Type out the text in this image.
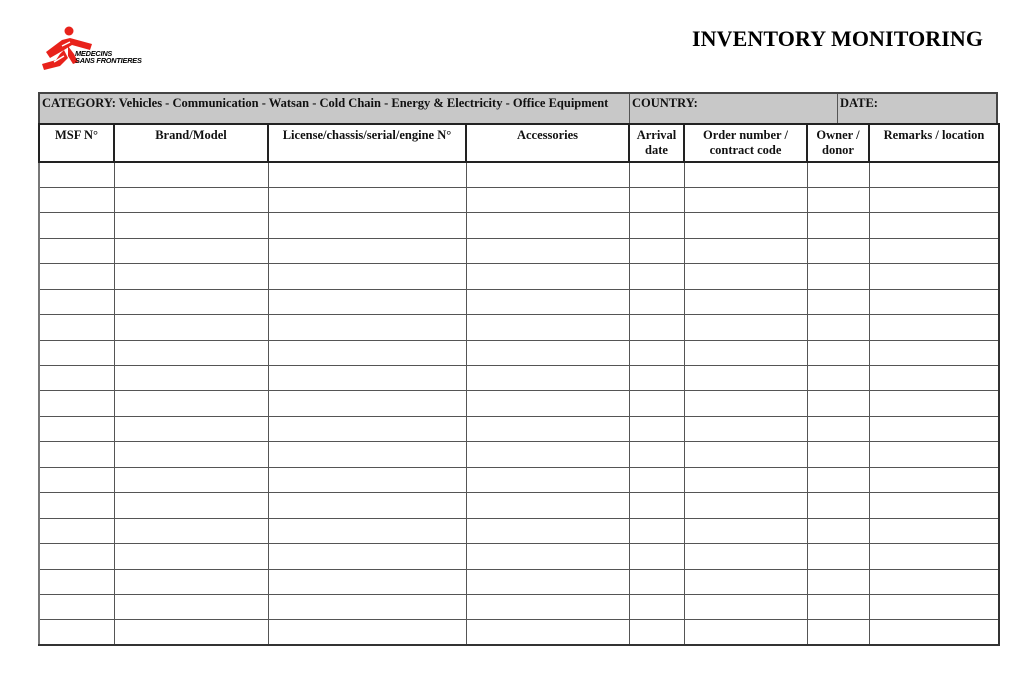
MEDECINS
SANS FRONTIERES
INVENTORY MONITORING
CATEGORY: Vehicles - Communication - Watsan - Cold Chain - Energy & Electricity - Office Equipment	COUNTRY:	DATE:
MSF N°	Brand/Model	License/chassis/serial/engine N°	Accessories	Arrival date	Order number / contract code	Owner / donor	Remarks / location
